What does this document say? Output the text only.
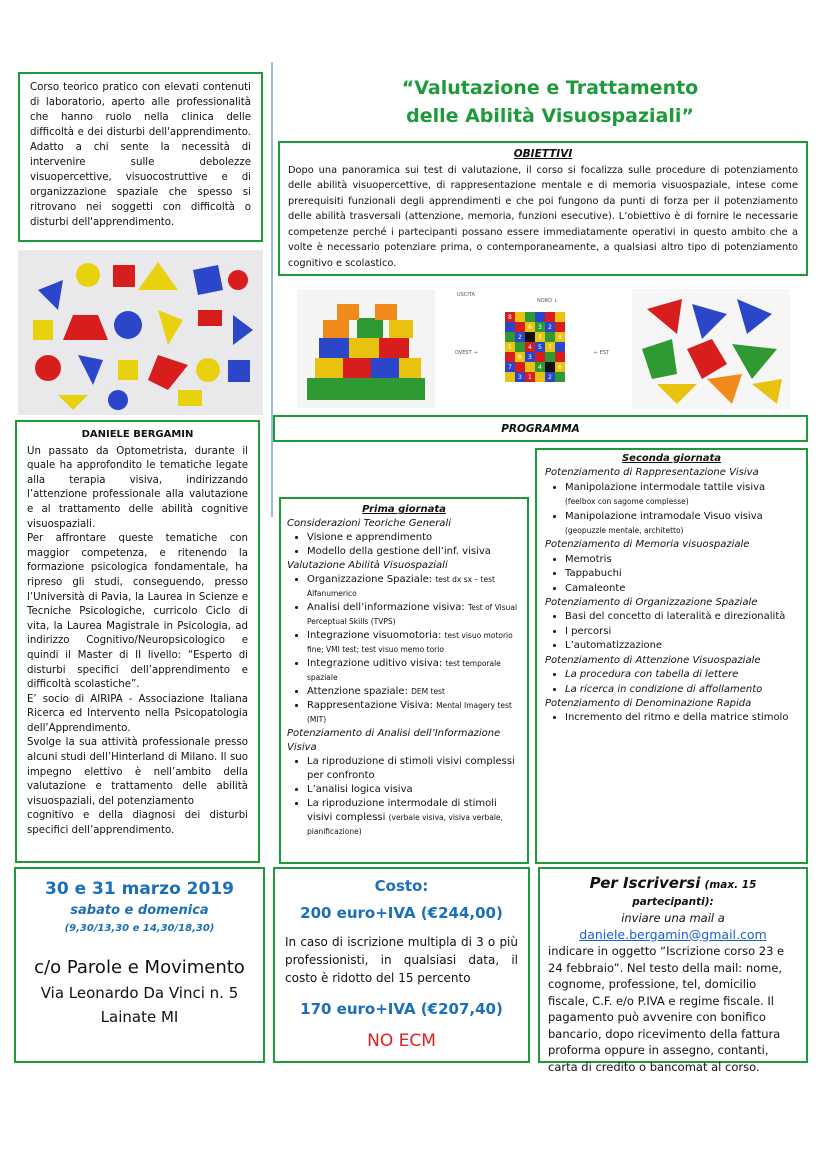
Corso teorico pratico con elevati contenuti di laboratorio, aperto alle professionalità che hanno ruolo nella clinica delle difficoltà e dei disturbi dell'apprendimento. Adatto a chi sente la necessità di intervenire sulle debolezze visuopercettive, visuocostruttive e di organizzazione spaziale che spesso si ritrovano nei soggetti con difficoltà o disturbi dell'apprendimento.
“Valutazione e Trattamento
delle Abilità Visuospaziali”
OBIETTIVI
Dopo una panoramica sui test di valutazione, il corso si focalizza sulle procedure di potenziamento delle abilità visuopercettive, di rappresentazione mentale e di memoria visuospaziale, intese come prerequisiti funzionali degli apprendimenti e che poi fungono da punti di forza per il potenziamento delle abilità trasversali (attenzione, memoria, funzioni esecutive). L’obiettivo è di fornire le necessarie competenze perché i partecipanti possano essere immediatamente operativi in questo ambito che a volte è necessario potenziare prima, o contemporaneamente, a qualsiasi altro tipo di potenziamento cognitivo e scolastico.
USCITA
NORD ↓
OVEST →	← EST
8
6 3 2
2	3
4 5 7
8 3
7	4	6
1	2
3
5
8
PROGRAMMA
DANIELE BERGAMIN

Un passato da Optometrista, durante il quale ha approfondito le tematiche legate alla terapia visiva, indirizzando l’attenzione professionale alla valutazione e al trattamento delle abilità cognitive visuospaziali.

Per affrontare queste tematiche con maggior competenza, e ritenendo la formazione psicologica fondamentale, ha ripreso gli studi, conseguendo, presso l’Università di Pavia, la Laurea in Scienze e Tecniche Psicologiche, curricolo Ciclo di vita, la Laurea Magistrale in Psicologia, ad indirizzo Cognitivo/Neuropsicologico e quindi il Master di II livello: “Esperto di disturbi specifici dell’apprendimento e difficoltà scolastiche”.

E’ socio di AIRIPA - Associazione Italiana Ricerca ed Intervento nella Psicopatologia dell’Apprendimento.

Svolge la sua attività professionale presso alcuni studi dell’Hinterland di Milano. Il suo impegno elettivo è nell’ambito della valutazione e trattamento delle abilità visuospaziali, del potenziamento

cognitivo e della diagnosi dei disturbi specifici dell’apprendimento.

Prima giornata
Considerazioni Teoriche Generali
• Visione e apprendimento
• Modello della gestione dell’inf. visiva
Valutazione Abilità Visuospaziali
• Organizzazione Spaziale: test dx sx – test Alfanumerico
• Analisi dell’informazione visiva: Test of Visual Perceptual Skills (TVPS)
• Integrazione visuomotoria: test visuo motorio fine; VMI test; test visuo memo torio
• Integrazione uditivo visiva: test temporale spaziale
• Attenzione spaziale: DEM test
• Rappresentazione Visiva: Mental Imagery test (MIT)
Potenziamento di Analisi dell’Informazione Visiva
• La riproduzione di stimoli visivi complessi per confronto
• L’analisi logica visiva
• La riproduzione intermodale di stimoli visivi complessi (verbale visiva, visiva verbale, pianificazione)
Seconda giornata
Potenziamento di Rappresentazione Visiva
• Manipolazione intermodale tattile visiva
(feelbox con sagome complesse)
• Manipolazione intramodale Visuo visiva
(geopuzzle mentale, architetto)
Potenziamento di Memoria visuospaziale
• Memotris
• Tappabuchi
• Camaleonte
Potenziamento di Organizzazione Spaziale
• Basi del concetto di lateralità e direzionalità
• I percorsi
• L’automatizzazione
Potenziamento di Attenzione Visuospaziale
• La procedura con tabella di lettere
• La ricerca in condizione di affollamento
Potenziamento di Denominazione Rapida
• Incremento del ritmo e della matrice stimolo
30 e 31 marzo 2019
sabato e domenica
(9,30/13,30 e 14,30/18,30)
c/o Parole e Movimento
Via Leonardo Da Vinci n. 5
Lainate MI
Costo:
200 euro+IVA (€244,00)
In caso di iscrizione multipla di 3 o più professionisti, in qualsiasi data, il costo è ridotto del 15 percento
170 euro+IVA (€207,40)
NO ECM
Per Iscriversi (max. 15 partecipanti):
inviare una mail a
daniele.bergamin@gmail.com
indicare in oggetto “Iscrizione corso 23 e 24 febbraio”. Nel testo della mail: nome, cognome, professione, tel, domicilio fiscale, C.F. e/o P.IVA e regime fiscale. Il pagamento può avvenire con bonifico bancario, dopo ricevimento della fattura proforma oppure in assegno, contanti, carta di credito o bancomat al corso.
